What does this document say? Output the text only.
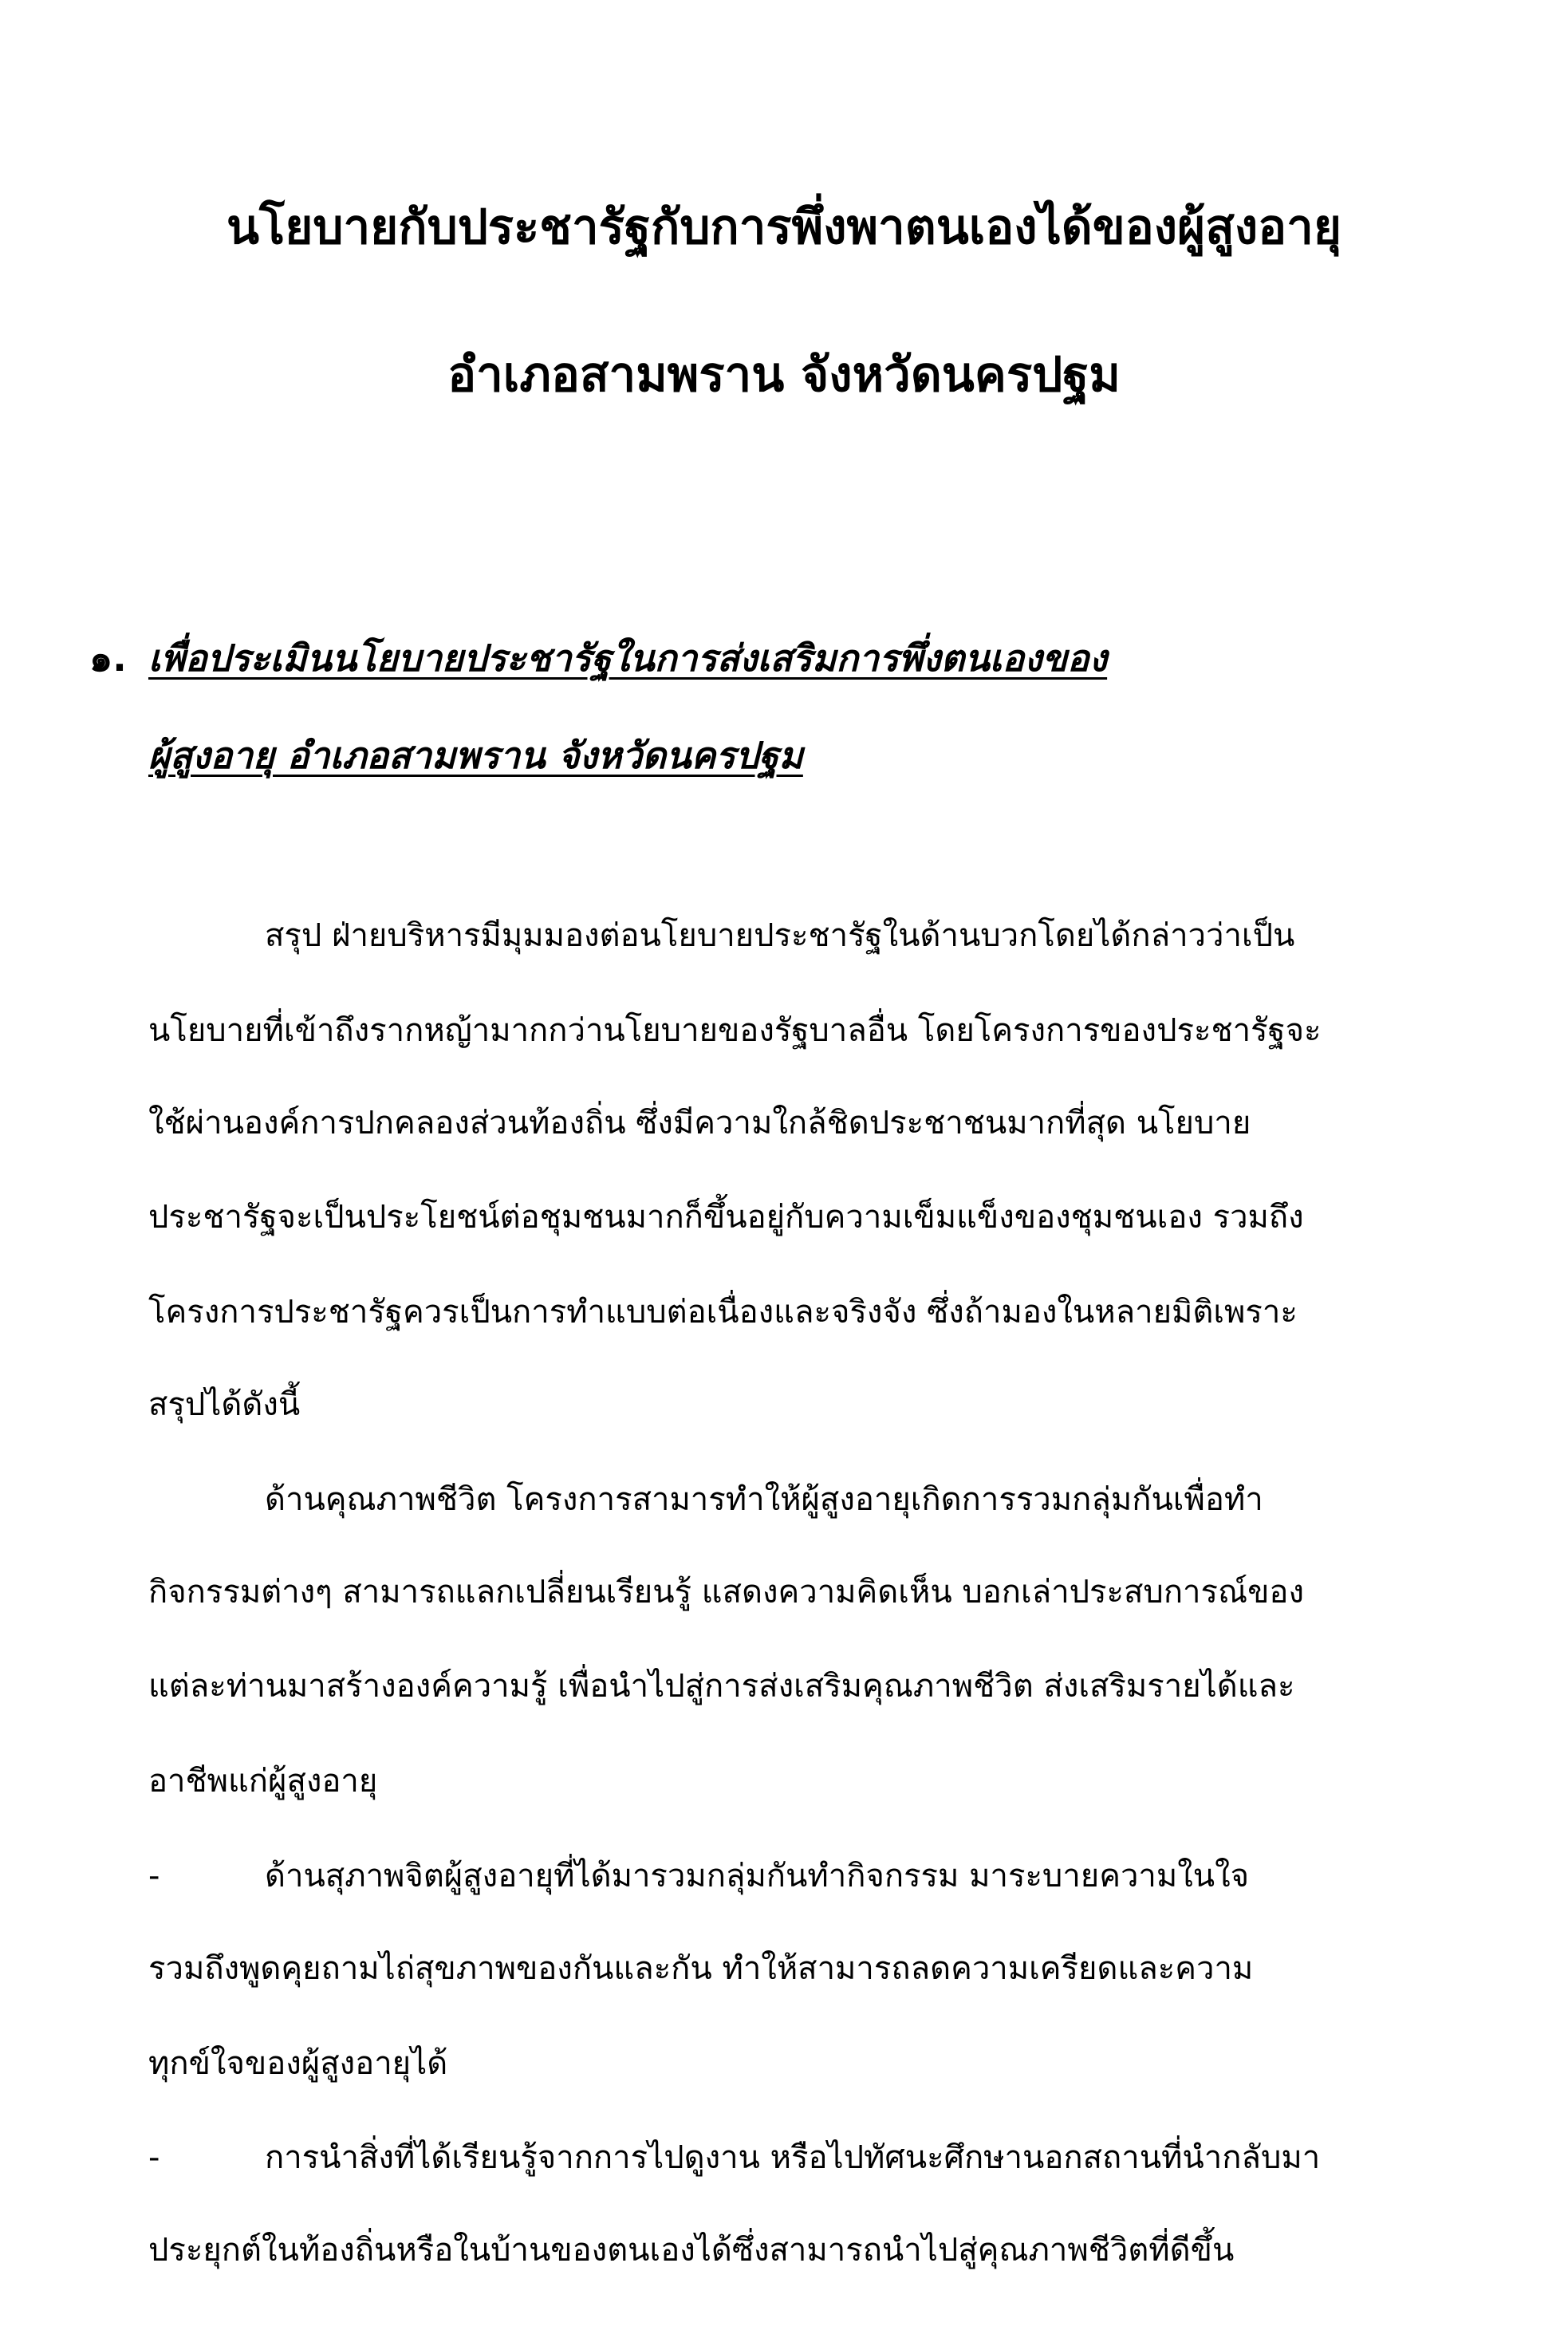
นโยบายกับประชารัฐกับการพึ่งพาตนเองได้ของผู้สูงอายุ
อำเภอสามพราน จังหวัดนครปฐม
๑. เพื่อประเมินนโยบายประชารัฐในการส่งเสริมการพึ่งตนเองของ
ผู้สูงอายุ อำเภอสามพราน จังหวัดนครปฐม
สรุป ฝ่ายบริหารมีมุมมองต่อนโยบายประชารัฐในด้านบวกโดยได้กล่าวว่าเป็น
นโยบายที่เข้าถึงรากหญ้ามากกว่านโยบายของรัฐบาลอื่น โดยโครงการของประชารัฐจะ
ใช้ผ่านองค์การปกคลองส่วนท้องถิ่น ซึ่งมีความใกล้ชิดประชาชนมากที่สุด นโยบาย
ประชารัฐจะเป็นประโยชน์ต่อชุมชนมากก็ขึ้นอยู่กับความเข็มแข็งของชุมชนเอง รวมถึง
โครงการประชารัฐควรเป็นการทำแบบต่อเนื่องและจริงจัง ซึ่งถ้ามองในหลายมิติเพราะ
สรุปได้ดังนี้
ด้านคุณภาพชีวิต โครงการสามารทำให้ผู้สูงอายุเกิดการรวมกลุ่มกันเพื่อทำ
กิจกรรมต่างๆ สามารถแลกเปลี่ยนเรียนรู้ แสดงความคิดเห็น บอกเล่าประสบการณ์ของ
แต่ละท่านมาสร้างองค์ความรู้ เพื่อนำไปสู่การส่งเสริมคุณภาพชีวิต ส่งเสริมรายได้และ
อาชีพแก่ผู้สูงอายุ
-	ด้านสุภาพจิตผู้สูงอายุที่ได้มารวมกลุ่มกันทำกิจกรรม มาระบายความในใจ
รวมถึงพูดคุยถามไถ่สุขภาพของกันและกัน ทำให้สามารถลดความเครียดและความ
ทุกข์ใจของผู้สูงอายุได้
-	การนำสิ่งที่ได้เรียนรู้จากการไปดูงาน หรือไปทัศนะศึกษานอกสถานที่นำกลับมา
ประยุกต์ในท้องถิ่นหรือในบ้านของตนเองได้ซึ่งสามารถนำไปสู่คุณภาพชีวิตที่ดีขึ้น
